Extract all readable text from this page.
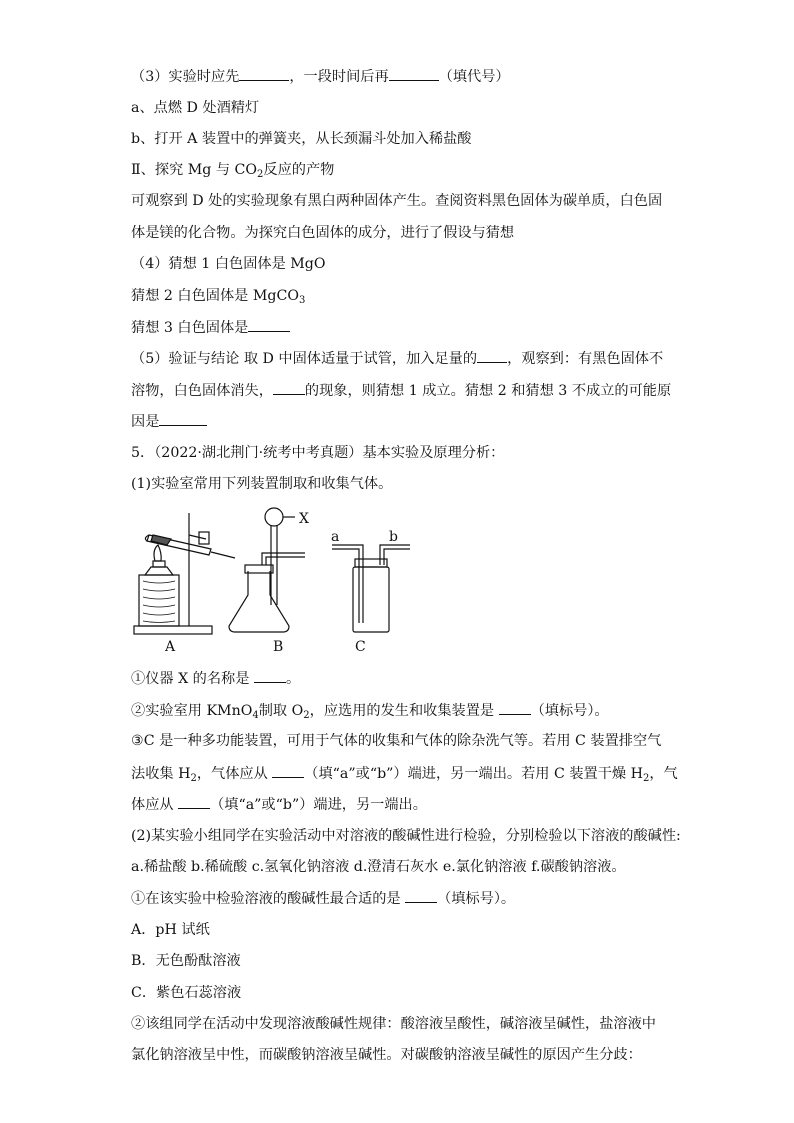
（3）实验时应先	，一段时间后再	（填代号）
a、点燃 D 处酒精灯
b、打开 A 装置中的弹簧夹，从长颈漏斗处加入稀盐酸
Ⅱ、探究 Mg 与 $CO_2$反应的产物
可观察到 D 处的实验现象有黑白两种固体产生。查阅资料黑色固体为碳单质，白色固
体是镁的化合物。为探究白色固体的成分，进行了假设与猜想
（4）猜想 1 白色固体是 MgO
猜想 2 白色固体是 MgCO$_3$
猜想 3 白色固体是
（5）验证与结论 取 D 中固体适量于试管，加入足量的 ，观察到：有黑色固体不
溶物，白色固体消失， 的现象，则猜想 1 成立。猜想 2 和猜想 3 不成立的可能原
因是
5．（2022·湖北荆门·统考中考真题）基本实验及原理分析：
(1)实验室常用下列装置制取和收集气体。
X
a	b
A	B	C
①仪器 X 的名称是	。
②实验室用 KMnO$_4$制取 $O_2$，应选用的发生和收集装置是	（填标号）。
③C 是一种多功能装置，可用于气体的收集和气体的除杂洗气等。若用 C 装置排空气
法收集 $H_2$，气体应从	（填“a”或“b”）端进，另一端出。若用 C 装置干燥 $H_2$，气
体应从	（填“a”或“b”）端进，另一端出。
(2)某实验小组同学在实验活动中对溶液的酸碱性进行检验，分别检验以下溶液的酸碱性:
a.稀盐酸 b.稀硫酸 c.氢氧化钠溶液 d.澄清石灰水 e.氯化钠溶液 f.碳酸钠溶液。
①在该实验中检验溶液的酸碱性最合适的是	（填标号）。
A．pH 试纸
B．无色酚酞溶液
C．紫色石蕊溶液
②该组同学在活动中发现溶液酸碱性规律：酸溶液呈酸性，碱溶液呈碱性，盐溶液中
氯化钠溶液呈中性，而碳酸钠溶液呈碱性。对碳酸钠溶液呈碱性的原因产生分歧：
